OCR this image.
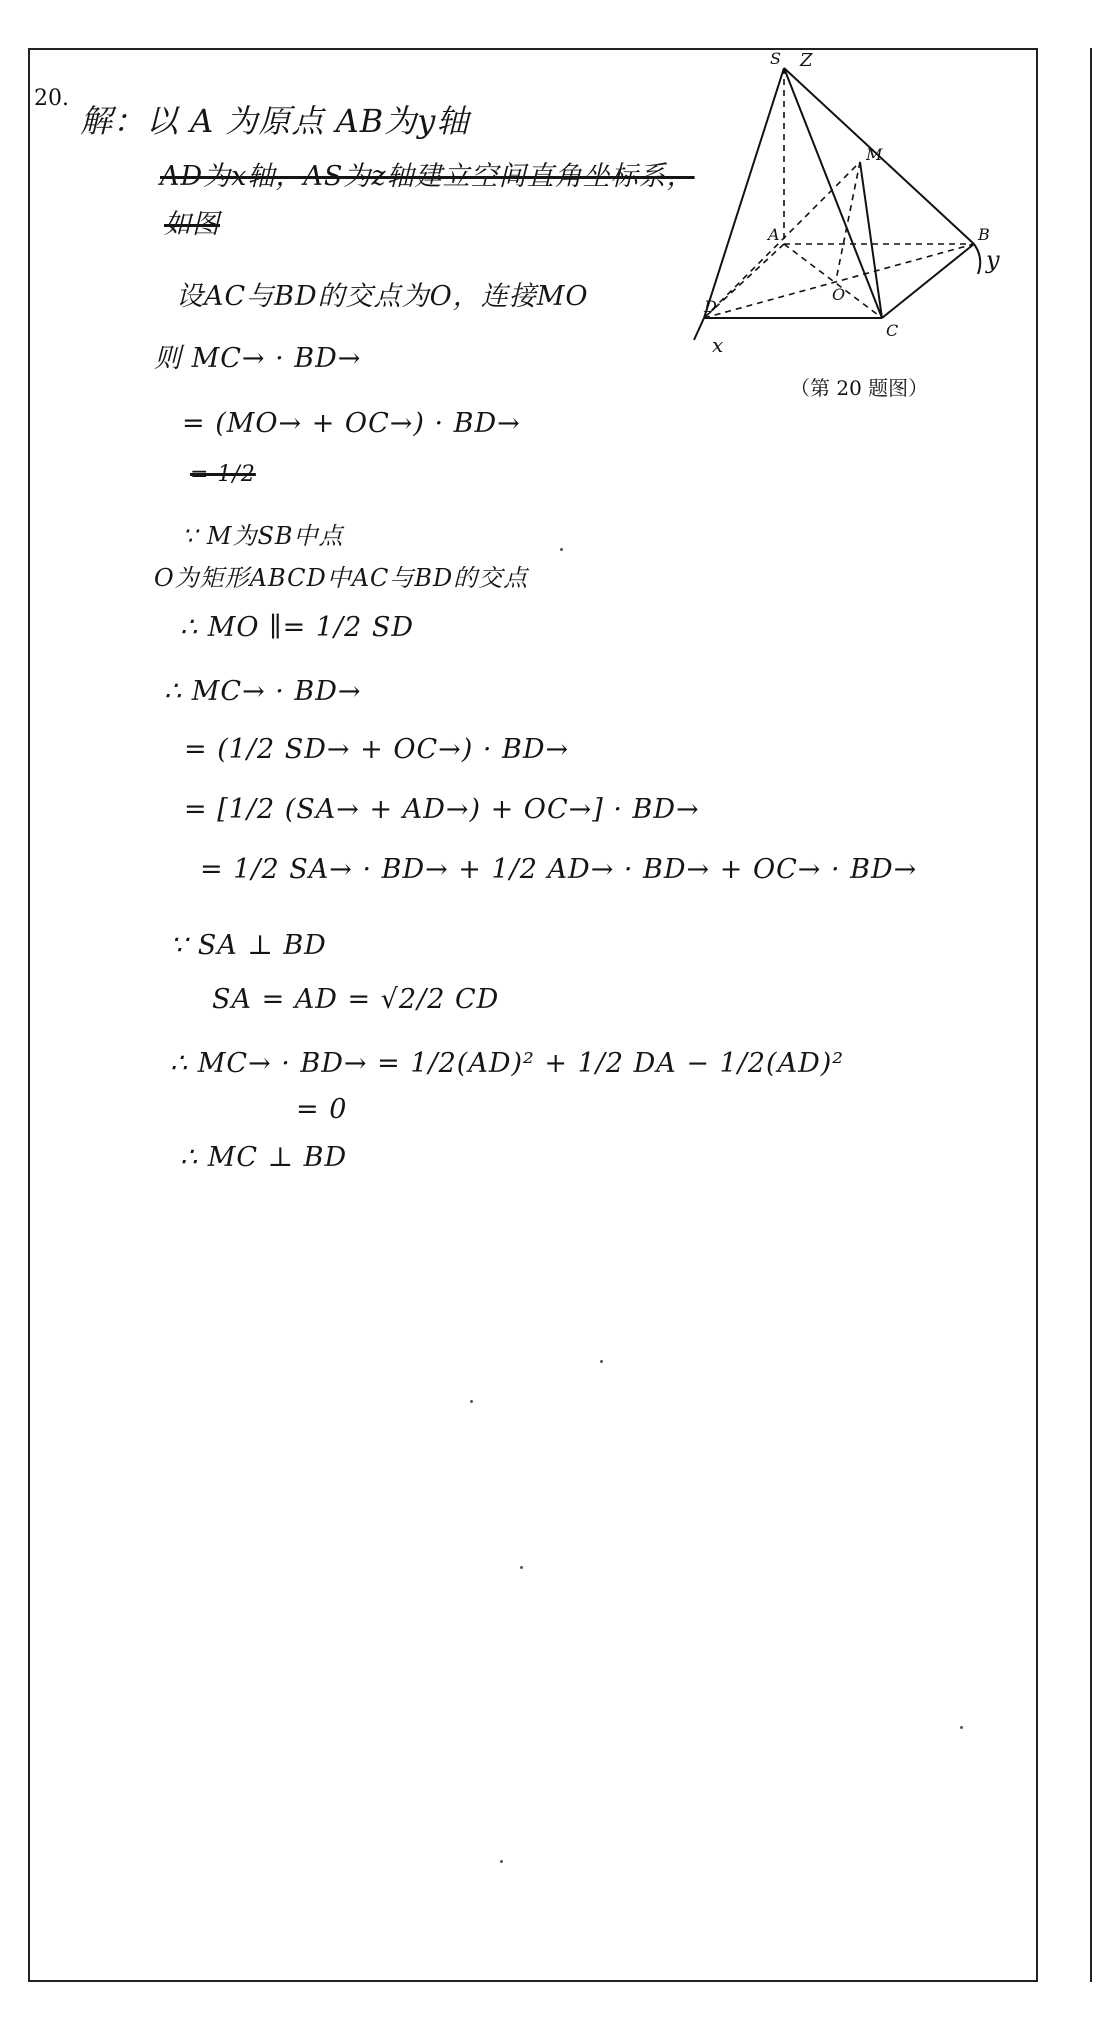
20.
S Z
M
A	B
y
C
D
O
x
（第 20 题图）
解：以 A 为原点 AB为y轴
AD为x轴，AS为z轴建立空间直角坐标系，
如图
设AC与BD的交点为O，连接MO
则 MC→ · BD→
= (MO→ + OC→) · BD→
= 1/2
∵ M为SB中点
O为矩形ABCD中AC与BD的交点
∴ MO ∥= 1/2 SD
∴ MC→ · BD→
= (1/2 SD→ + OC→) · BD→
= [1/2 (SA→ + AD→) + OC→] · BD→
= 1/2 SA→ · BD→ + 1/2 AD→ · BD→ + OC→ · BD→
∵ SA ⊥ BD
SA = AD = √2/2 CD
∴ MC→ · BD→ = 1/2(AD)² + 1/2 DA − 1/2(AD)²
= 0
∴ MC ⊥ BD
